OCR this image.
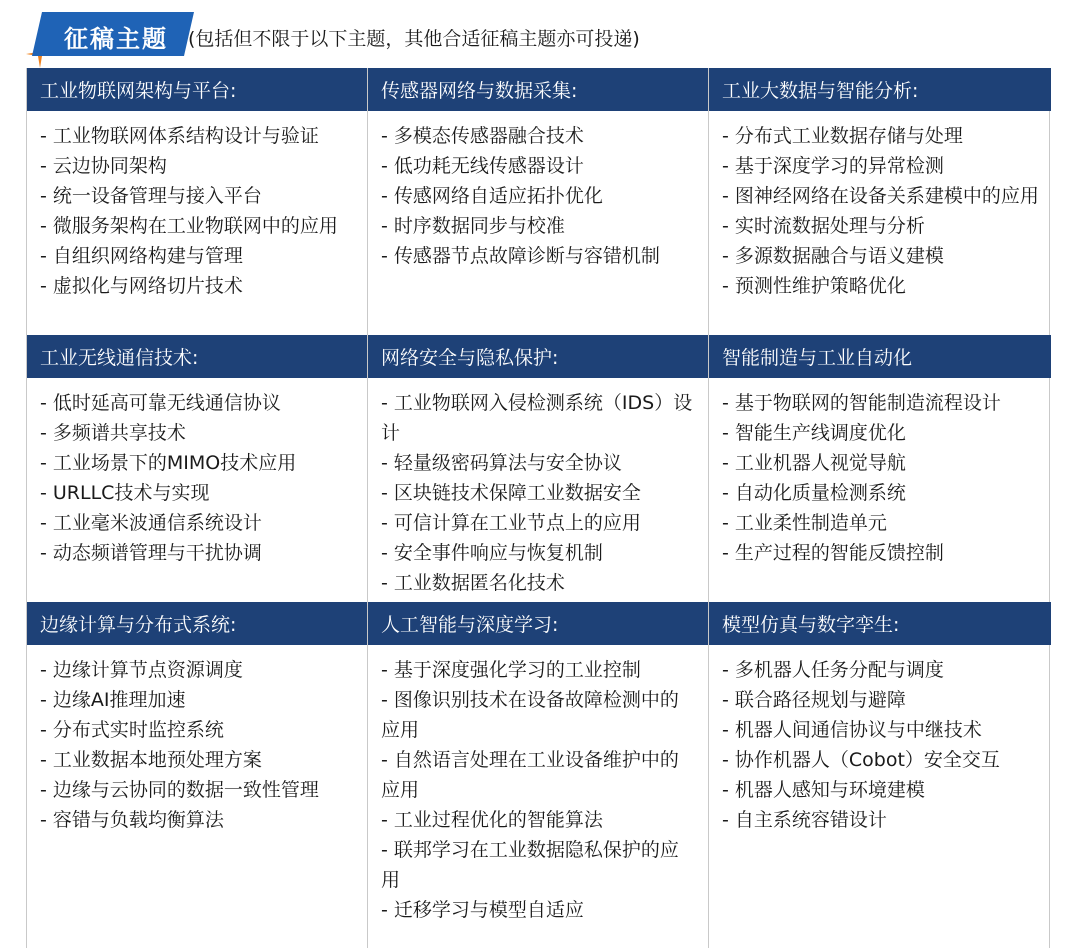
征稿主题 (包括但不限于以下主题，其他合适征稿主题亦可投递)
工业物联网架构与平台:	传感器网络与数据采集:	工业大数据与智能分析:
- 工业物联网体系结构设计与验证
- 云边协同架构
- 统一设备管理与接入平台
- 微服务架构在工业物联网中的应用
- 自组织网络构建与管理
- 虚拟化与网络切片技术
- 多模态传感器融合技术
- 低功耗无线传感器设计
- 传感网络自适应拓扑优化
- 时序数据同步与校准
- 传感器节点故障诊断与容错机制
- 分布式工业数据存储与处理
- 基于深度学习的异常检测
- 图神经网络在设备关系建模中的应用
- 实时流数据处理与分析
- 多源数据融合与语义建模
- 预测性维护策略优化
工业无线通信技术:	网络安全与隐私保护:	智能制造与工业自动化
- 低时延高可靠无线通信协议
- 多频谱共享技术
- 工业场景下的MIMO技术应用
- URLLC技术与实现
- 工业毫米波通信系统设计
- 动态频谱管理与干扰协调
- 工业物联网入侵检测系统（IDS）设计
- 轻量级密码算法与安全协议
- 区块链技术保障工业数据安全
- 可信计算在工业节点上的应用
- 安全事件响应与恢复机制
- 工业数据匿名化技术
- 基于物联网的智能制造流程设计
- 智能生产线调度优化
- 工业机器人视觉导航
- 自动化质量检测系统
- 工业柔性制造单元
- 生产过程的智能反馈控制
边缘计算与分布式系统:	人工智能与深度学习:	模型仿真与数字孪生:
- 边缘计算节点资源调度
- 边缘AI推理加速
- 分布式实时监控系统
- 工业数据本地预处理方案
- 边缘与云协同的数据一致性管理
- 容错与负载均衡算法
- 基于深度强化学习的工业控制
- 图像识别技术在设备故障检测中的应用
- 自然语言处理在工业设备维护中的应用
- 工业过程优化的智能算法
- 联邦学习在工业数据隐私保护的应用
- 迁移学习与模型自适应
- 多机器人任务分配与调度
- 联合路径规划与避障
- 机器人间通信协议与中继技术
- 协作机器人（Cobot）安全交互
- 机器人感知与环境建模
- 自主系统容错设计
